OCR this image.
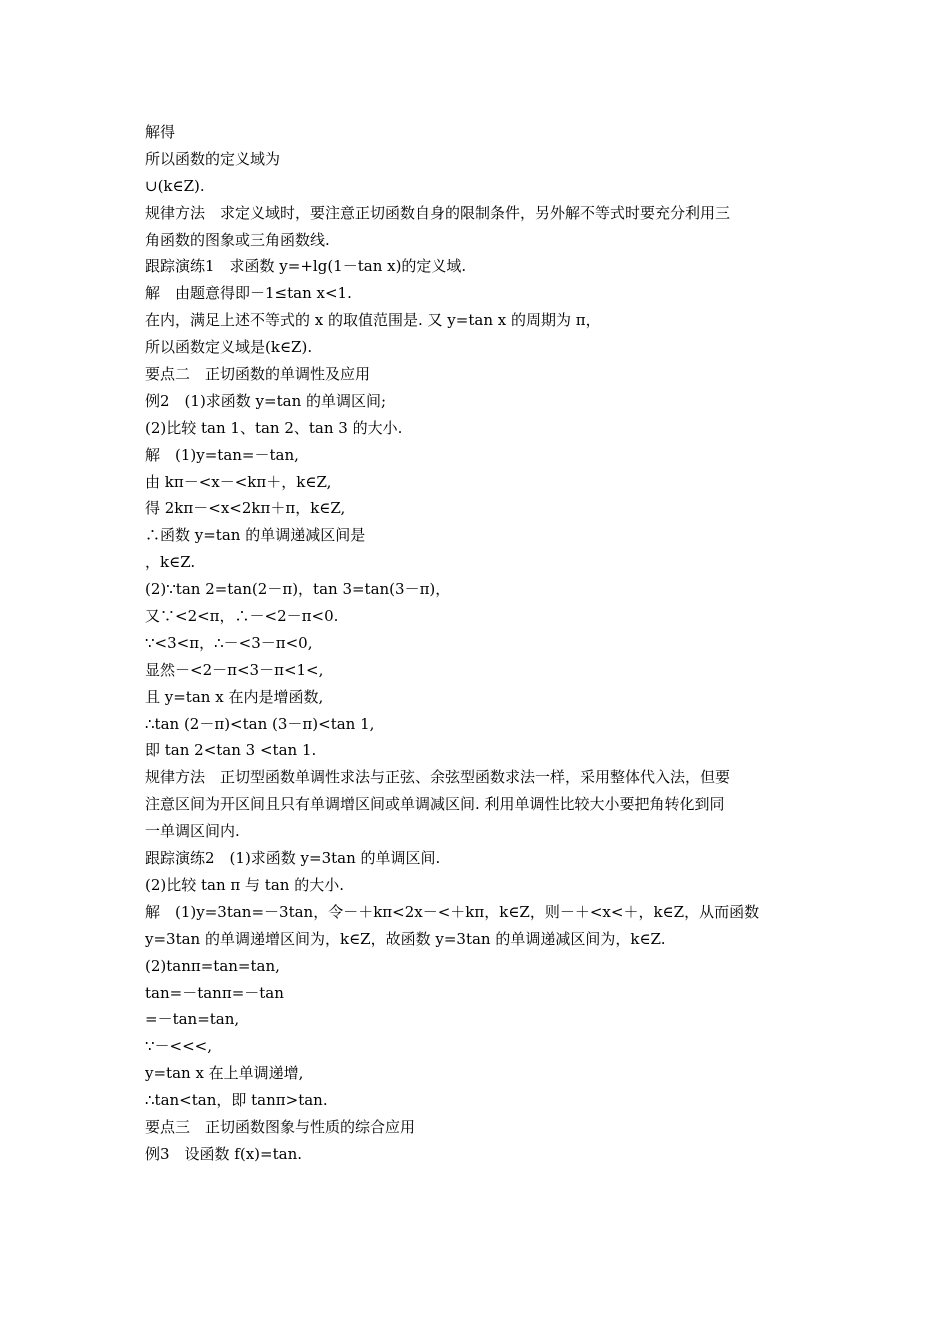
解得
所以函数的定义域为
∪(k∈Z).
规律方法　求定义域时，要注意正切函数自身的限制条件，另外解不等式时要充分利用三
角函数的图象或三角函数线.
跟踪演练1　求函数 y=+lg(1－tan x)的定义域.
解　由题意得即－1≤tan x<1.
在内，满足上述不等式的 x 的取值范围是. 又 y=tan x 的周期为 π，
所以函数定义域是(k∈Z).
要点二　正切函数的单调性及应用
例2　(1)求函数 y=tan 的单调区间;
(2)比较 tan 1、tan 2、tan 3 的大小.
解　(1)y=tan=－tan,
由 kπ－<x－<kπ＋，k∈Z,
得 2kπ－<x<2kπ＋π，k∈Z,
∴函数 y=tan 的单调递减区间是
，k∈Z.
(2)∵tan 2=tan(2－π)，tan 3=tan(3－π)，
又∵<2<π，∴－<2－π<0.
∵<3<π，∴－<3－π<0,
显然－<2－π<3－π<1<,
且 y=tan x 在内是增函数,
∴tan (2－π)<tan (3－π)<tan 1,
即 tan 2<tan 3 <tan 1.
规律方法　正切型函数单调性求法与正弦、余弦型函数求法一样，采用整体代入法，但要
注意区间为开区间且只有单调增区间或单调减区间. 利用单调性比较大小要把角转化到同
一单调区间内.
跟踪演练2　(1)求函数 y=3tan 的单调区间.
(2)比较 tan π 与 tan 的大小.
解　(1)y=3tan=－3tan，令－＋kπ<2x－<＋kπ，k∈Z，则－＋<x<＋，k∈Z，从而函数
y=3tan 的单调递增区间为，k∈Z，故函数 y=3tan 的单调递减区间为，k∈Z.
(2)tanπ=tan=tan,
tan=－tanπ=－tan
=－tan=tan,
∵－<<<,
y=tan x 在上单调递增,
∴tan<tan，即 tanπ>tan.
要点三　正切函数图象与性质的综合应用
例3　设函数 f(x)=tan.
